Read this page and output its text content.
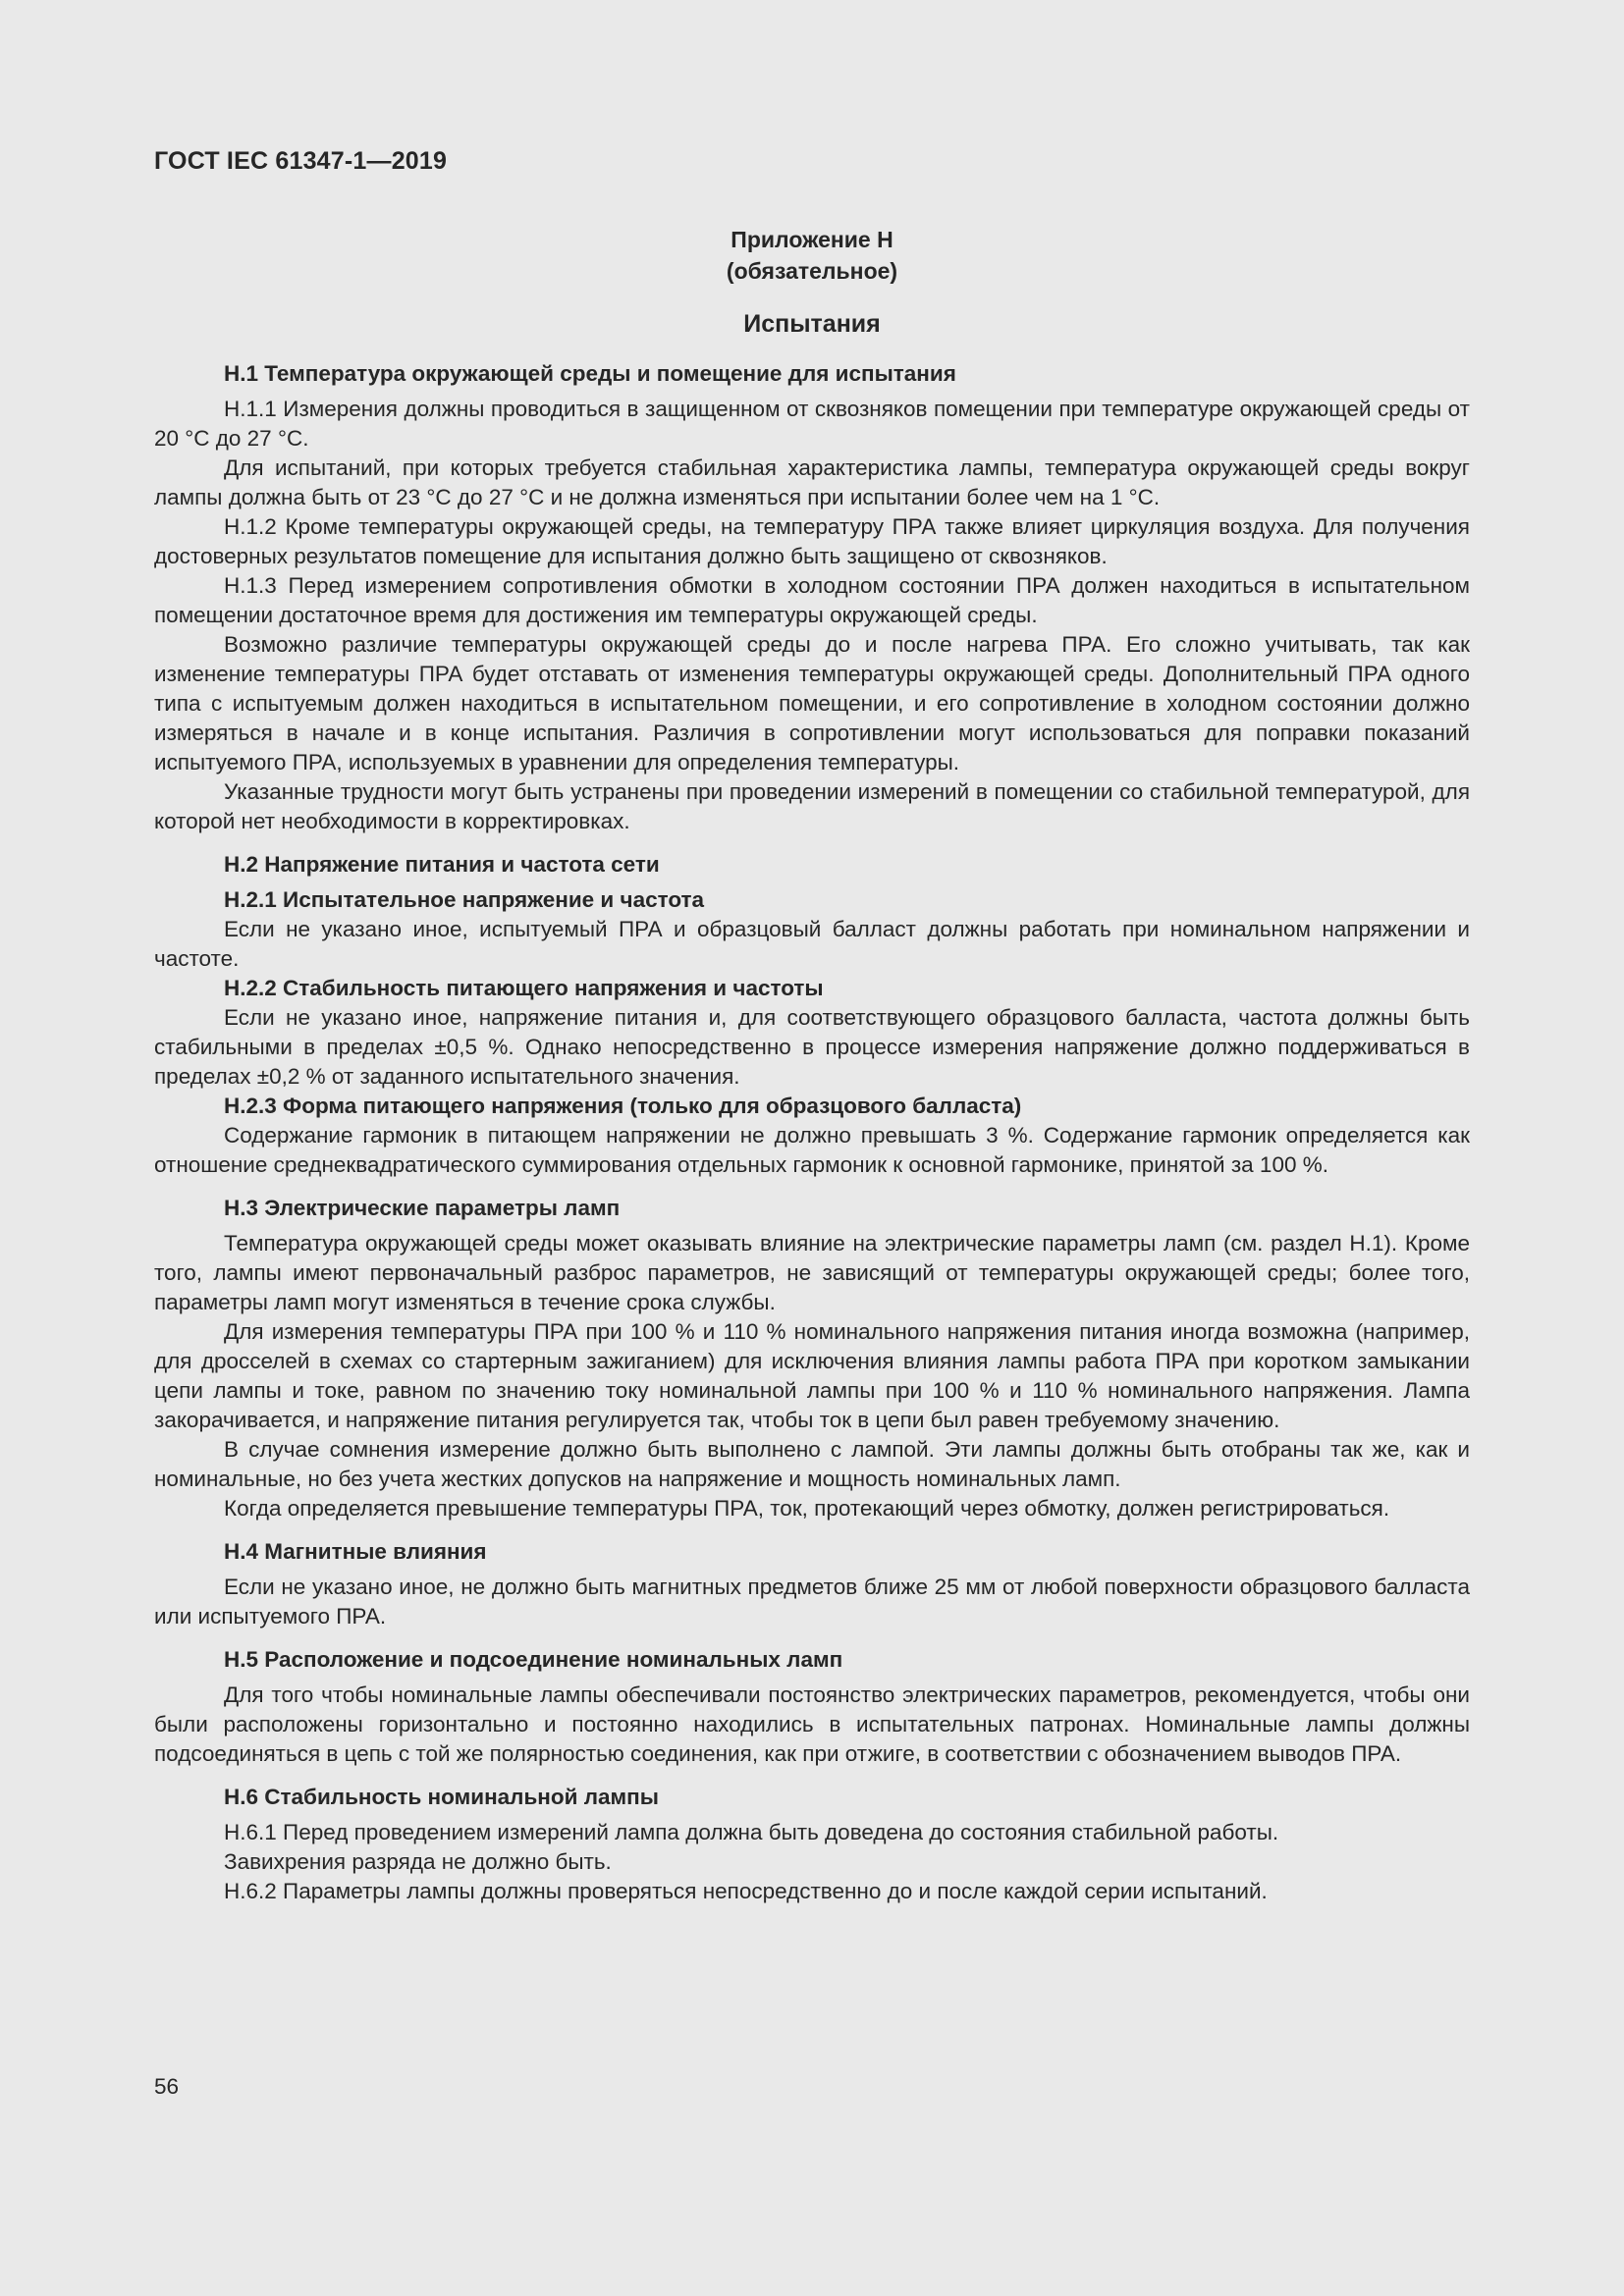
ГОСТ IEC 61347-1—2019
Приложение Н
(обязательное)
Испытания
Н.1 Температура окружающей среды и помещение для испытания

Н.1.1 Измерения должны проводиться в защищенном от сквозняков помещении при температуре окружающей среды от 20 °C до 27 °C.

Для испытаний, при которых требуется стабильная характеристика лампы, температура окружающей среды вокруг лампы должна быть от 23 °C до 27 °C и не должна изменяться при испытании более чем на 1 °C.

Н.1.2 Кроме температуры окружающей среды, на температуру ПРА также влияет циркуляция воздуха. Для получения достоверных результатов помещение для испытания должно быть защищено от сквозняков.

Н.1.3 Перед измерением сопротивления обмотки в холодном состоянии ПРА должен находиться в испытательном помещении достаточное время для достижения им температуры окружающей среды.

Возможно различие температуры окружающей среды до и после нагрева ПРА. Его сложно учитывать, так как изменение температуры ПРА будет отставать от изменения температуры окружающей среды. Дополнительный ПРА одного типа с испытуемым должен находиться в испытательном помещении, и его сопротивление в холодном состоянии должно измеряться в начале и в конце испытания. Различия в сопротивлении могут использоваться для поправки показаний испытуемого ПРА, используемых в уравнении для определения температуры.

Указанные трудности могут быть устранены при проведении измерений в помещении со стабильной температурой, для которой нет необходимости в корректировках.

Н.2 Напряжение питания и частота сети
Н.2.1 Испытательное напряжение и частота

Если не указано иное, испытуемый ПРА и образцовый балласт должны работать при номинальном напряжении и частоте.

Н.2.2 Стабильность питающего напряжения и частоты

Если не указано иное, напряжение питания и, для соответствующего образцового балласта, частота должны быть стабильными в пределах ±0,5 %. Однако непосредственно в процессе измерения напряжение должно поддерживаться в пределах ±0,2 % от заданного испытательного значения.

Н.2.3 Форма питающего напряжения (только для образцового балласта)

Содержание гармоник в питающем напряжении не должно превышать 3 %. Содержание гармоник определяется как отношение среднеквадратического суммирования отдельных гармоник к основной гармонике, принятой за 100 %.

Н.3 Электрические параметры ламп

Температура окружающей среды может оказывать влияние на электрические параметры ламп (см. раздел Н.1). Кроме того, лампы имеют первоначальный разброс параметров, не зависящий от температуры окружающей среды; более того, параметры ламп могут изменяться в течение срока службы.

Для измерения температуры ПРА при 100 % и 110 % номинального напряжения питания иногда возможна (например, для дросселей в схемах со стартерным зажиганием) для исключения влияния лампы работа ПРА при коротком замыкании цепи лампы и токе, равном по значению току номинальной лампы при 100 % и 110 % номинального напряжения. Лампа закорачивается, и напряжение питания регулируется так, чтобы ток в цепи был равен требуемому значению.

В случае сомнения измерение должно быть выполнено с лампой. Эти лампы должны быть отобраны так же, как и номинальные, но без учета жестких допусков на напряжение и мощность номинальных ламп.

Когда определяется превышение температуры ПРА, ток, протекающий через обмотку, должен регистрироваться.

Н.4 Магнитные влияния

Если не указано иное, не должно быть магнитных предметов ближе 25 мм от любой поверхности образцового балласта или испытуемого ПРА.

Н.5 Расположение и подсоединение номинальных ламп

Для того чтобы номинальные лампы обеспечивали постоянство электрических параметров, рекомендуется, чтобы они были расположены горизонтально и постоянно находились в испытательных патронах. Номинальные лампы должны подсоединяться в цепь с той же полярностью соединения, как при отжиге, в соответствии с обозначением выводов ПРА.

Н.6 Стабильность номинальной лампы

Н.6.1 Перед проведением измерений лампа должна быть доведена до состояния стабильной работы.

Завихрения разряда не должно быть.

Н.6.2 Параметры лампы должны проверяться непосредственно до и после каждой серии испытаний.

56
